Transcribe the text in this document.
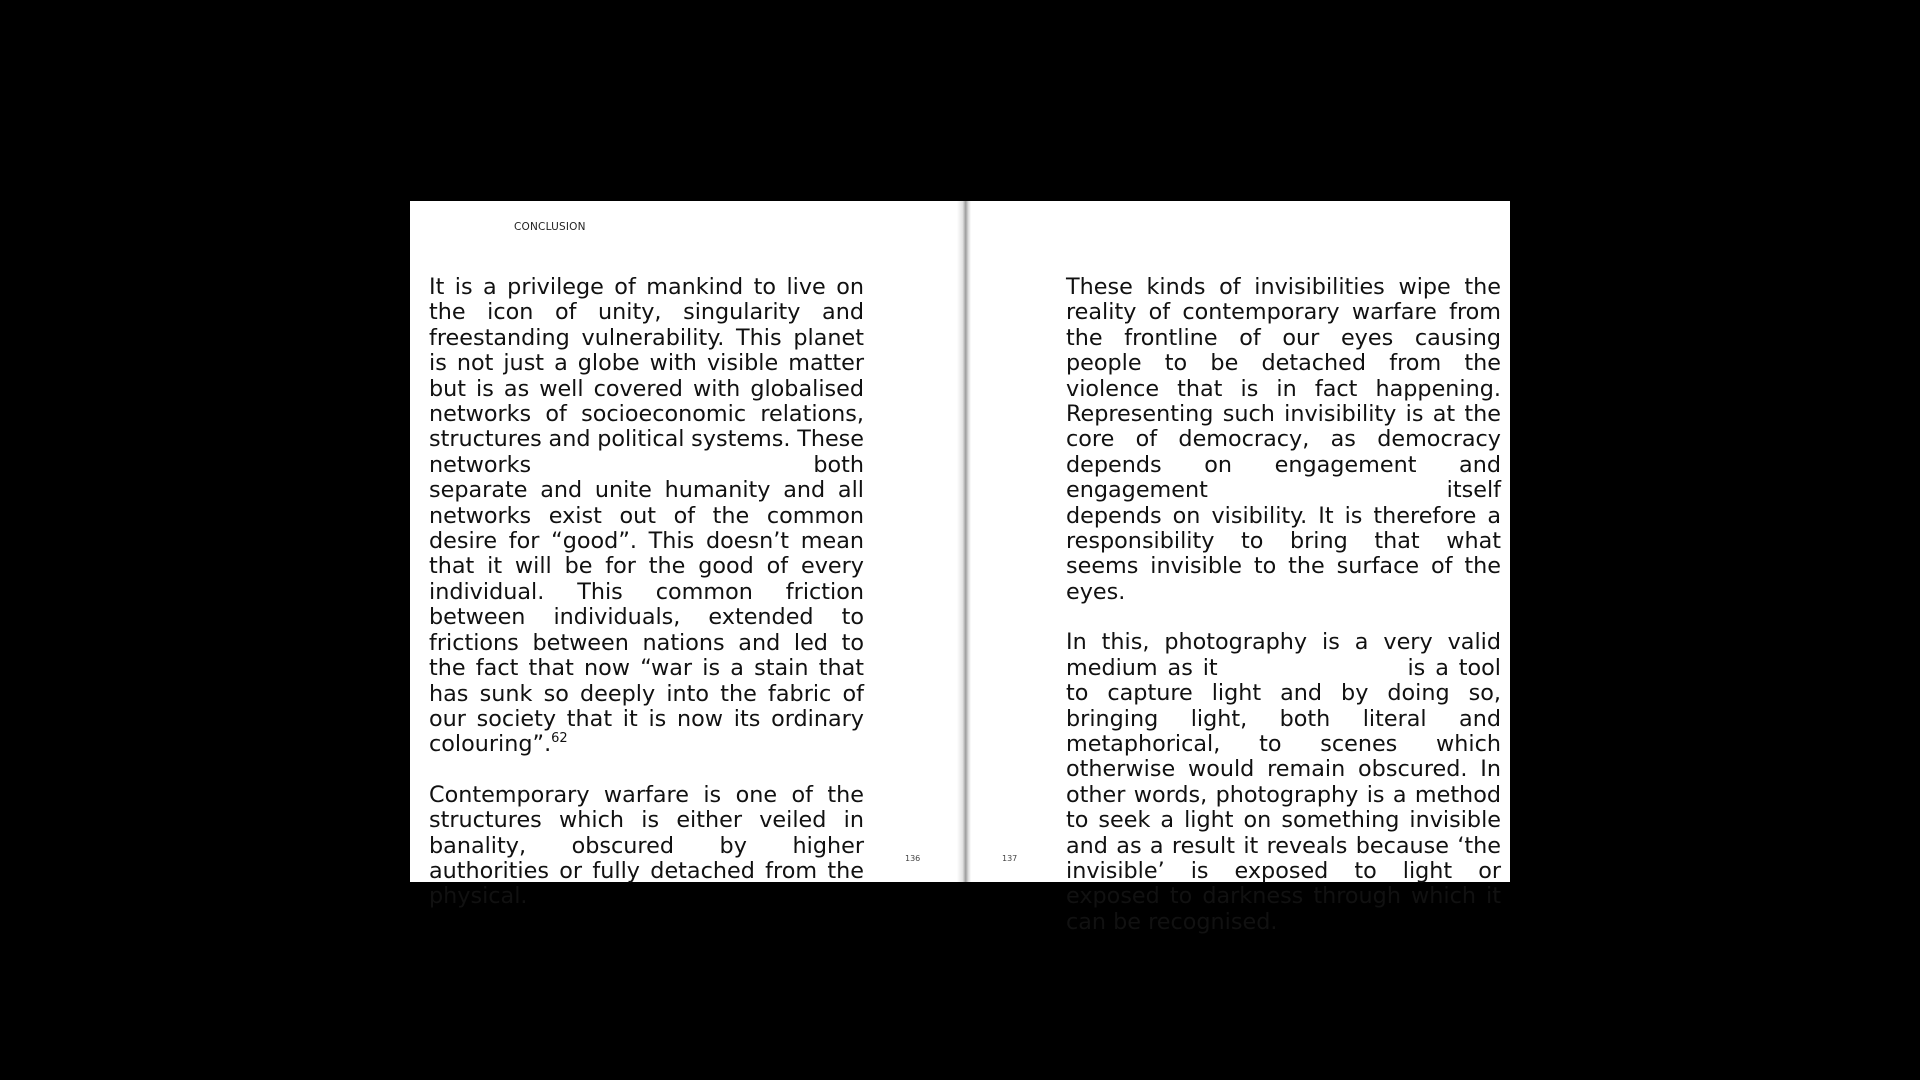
CONCLUSION

It is a privilege of mankind to live on the icon of unity, singularity and freestanding vulnerability. This planet is not just a globe with visible matter but is as well covered with globalised networks of socioeconomic relations, structures and political systems. These networks	both separate and unite humanity and all networks exist out of the common desire for “good”. This doesn’t mean that it will be for the good of every individual. This common friction between individuals, extended to frictions between nations and led to the fact that now “war is a stain that has sunk so deeply into the fabric of our society that it is now its ordinary colouring”.$^{62}$

Contemporary warfare is one of the structures which is either veiled in banality, obscured by higher authorities or fully detached from the physical.

136	137

These kinds of invisibilities wipe the reality of contemporary warfare from the frontline of our eyes causing people to be detached from the violence that is in fact happening. Representing such invisibility is at the core of democracy, as democracy depends on engagement and engagement	itself depends on visibility. It is therefore a responsibility to bring that what seems invisible to the surface of the eyes.

In this, photography is a very valid medium as it	is a tool to capture light and by doing so, bringing light, both literal and metaphorical, to scenes which otherwise would remain obscured. In other words, photography is a method to seek a light on something invisible and as a result it reveals because ‘the invisible’ is exposed to light or exposed to darkness through which it can be recognised.
